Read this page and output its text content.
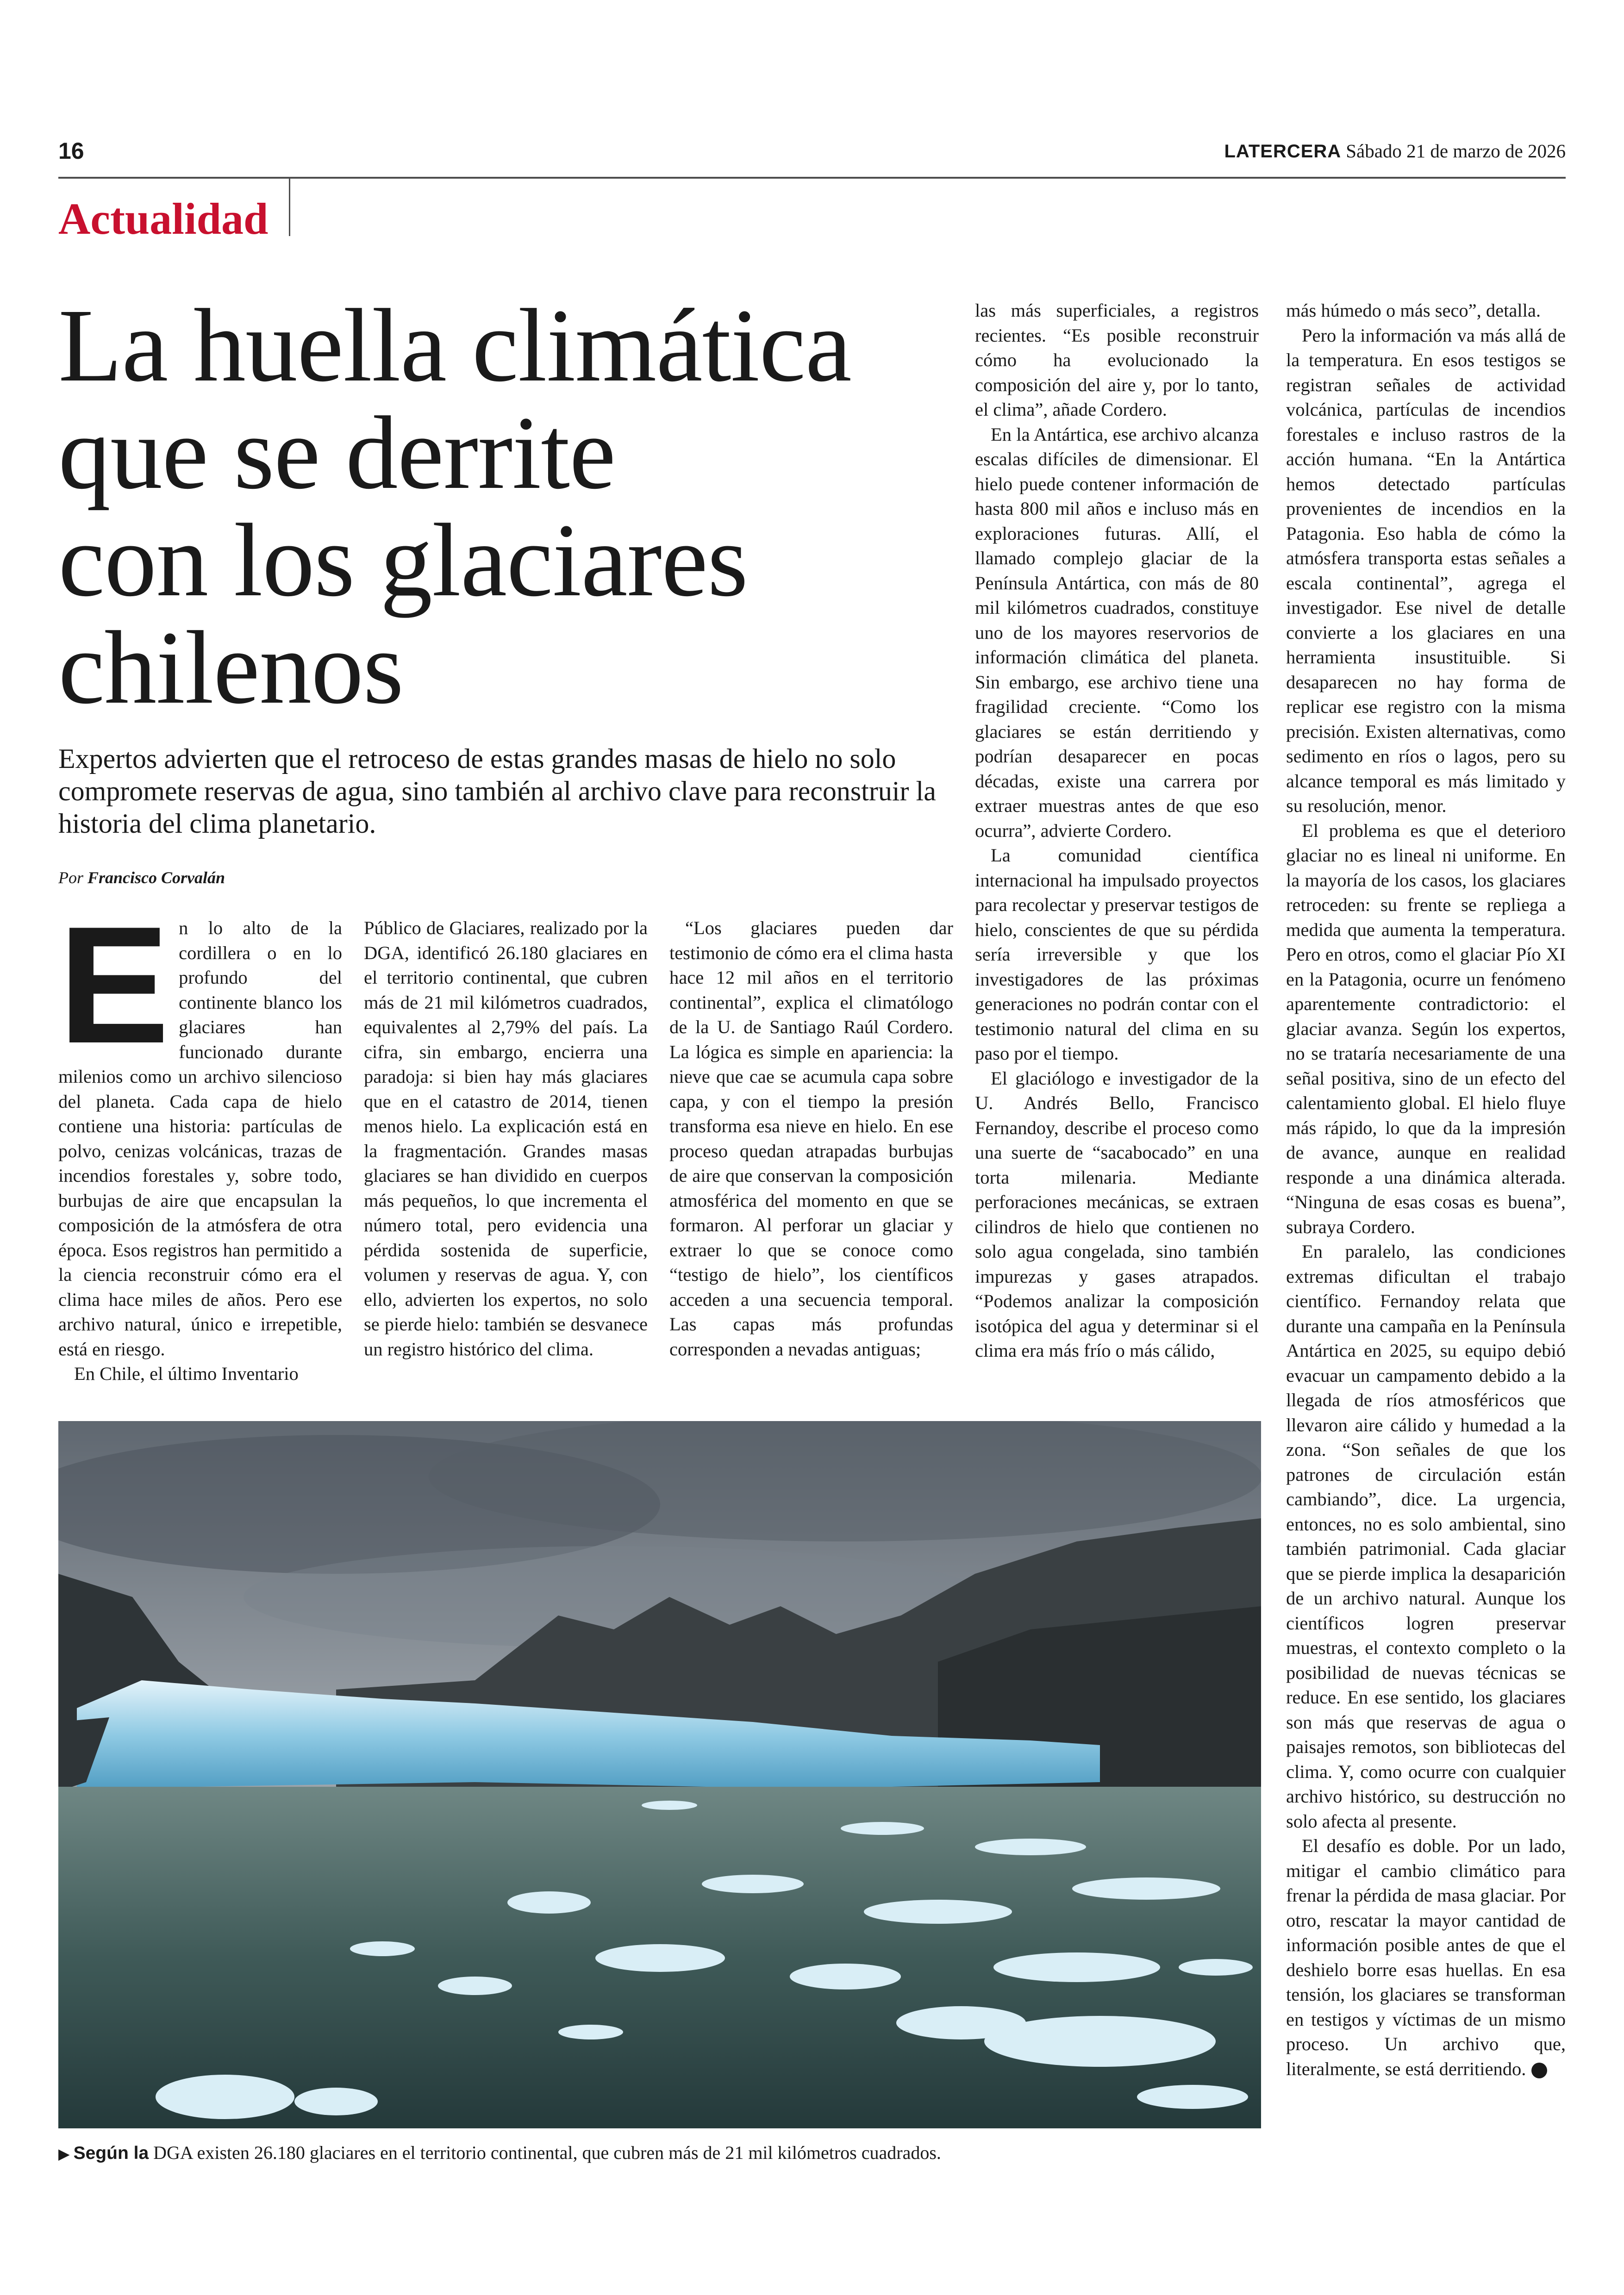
16	LATERCERA Sábado 21 de marzo de 2026
Actualidad
La huella climática
que se derrite
con los glaciares
chilenos

Expertos advierten que el retroceso de estas grandes masas de hielo no solo compromete reservas de agua, sino también al archivo clave para reconstruir la historia del clima planetario.

Por Francisco Corvalán

En lo alto de la cordillera o en lo profundo del continente blanco los glaciares han funcionado durante milenios como un archivo silencioso del planeta. Cada capa de hielo contiene una historia: partículas de polvo, cenizas volcánicas, trazas de incendios forestales y, sobre todo, burbujas de aire que encapsulan la composición de la atmósfera de otra época. Esos registros han permitido a la ciencia reconstruir cómo era el clima hace miles de años. Pero ese archivo natural, único e irrepetible, está en riesgo.

En Chile, el último Inventario

Público de Glaciares, realizado por la DGA, identificó 26.180 glaciares en el territorio continental, que cubren más de 21 mil kilómetros cuadrados, equivalentes al 2,79% del país. La cifra, sin embargo, encierra una paradoja: si bien hay más glaciares que en el catastro de 2014, tienen menos hielo. La explicación está en la fragmentación. Grandes masas glaciares se han dividido en cuerpos más pequeños, lo que incrementa el número total, pero evidencia una pérdida sostenida de superficie, volumen y reservas de agua. Y, con ello, advierten los expertos, no solo se pierde hielo: también se desvanece un registro histórico del clima.

“Los glaciares pueden dar testimonio de cómo era el clima hasta hace 12 mil años en el territorio continental”, explica el climatólogo de la U. de Santiago Raúl Cordero. La lógica es simple en apariencia: la nieve que cae se acumula capa sobre capa, y con el tiempo la presión transforma esa nieve en hielo. En ese proceso quedan atrapadas burbujas de aire que conservan la composición atmosférica del momento en que se formaron. Al perforar un glaciar y extraer lo que se conoce como “testigo de hielo”, los científicos acceden a una secuencia temporal. Las capas más profundas corresponden a nevadas antiguas;

las más superficiales, a registros recientes. “Es posible reconstruir cómo ha evolucionado la composición del aire y, por lo tanto, el clima”, añade Cordero.

En la Antártica, ese archivo alcanza escalas difíciles de dimensionar. El hielo puede contener información de hasta 800 mil años e incluso más en exploraciones futuras. Allí, el llamado complejo glaciar de la Península Antártica, con más de 80 mil kilómetros cuadrados, constituye uno de los mayores reservorios de información climática del planeta. Sin embargo, ese archivo tiene una fragilidad creciente. “Como los glaciares se están derritiendo y podrían desaparecer en pocas décadas, existe una carrera por extraer muestras antes de que eso ocurra”, advierte Cordero.

La comunidad científica internacional ha impulsado proyectos para recolectar y preservar testigos de hielo, conscientes de que su pérdida sería irreversible y que los investigadores de las próximas generaciones no podrán contar con el testimonio natural del clima en su paso por el tiempo.

El glaciólogo e investigador de la U. Andrés Bello, Francisco Fernandoy, describe el proceso como una suerte de “sacabocado” en una torta milenaria. Mediante perforaciones mecánicas, se extraen cilindros de hielo que contienen no solo agua congelada, sino también impurezas y gases atrapados. “Podemos analizar la composición isotópica del agua y determinar si el clima era más frío o más cálido,

más húmedo o más seco”, detalla.

Pero la información va más allá de la temperatura. En esos testigos se registran señales de actividad volcánica, partículas de incendios forestales e incluso rastros de la acción humana. “En la Antártica hemos detectado partículas provenientes de incendios en la Patagonia. Eso habla de cómo la atmósfera transporta estas señales a escala continental”, agrega el investigador. Ese nivel de detalle convierte a los glaciares en una herramienta insustituible. Si desaparecen no hay forma de replicar ese registro con la misma precisión. Existen alternativas, como sedimento en ríos o lagos, pero su alcance temporal es más limitado y su resolución, menor.

El problema es que el deterioro glaciar no es lineal ni uniforme. En la mayoría de los casos, los glaciares retroceden: su frente se repliega a medida que aumenta la temperatura. Pero en otros, como el glaciar Pío XI en la Patagonia, ocurre un fenómeno aparentemente contradictorio: el glaciar avanza. Según los expertos, no se trataría necesariamente de una señal positiva, sino de un efecto del calentamiento global. El hielo fluye más rápido, lo que da la impresión de avance, aunque en realidad responde a una dinámica alterada. “Ninguna de esas cosas es buena”, subraya Cordero.

En paralelo, las condiciones extremas dificultan el trabajo científico. Fernandoy relata que durante una campaña en la Península Antártica en 2025, su equipo debió evacuar un campamento debido a la llegada de ríos atmosféricos que llevaron aire cálido y humedad a la zona. “Son señales de que los patrones de circulación están cambiando”, dice. La urgencia, entonces, no es solo ambiental, sino también patrimonial. Cada glaciar que se pierde implica la desaparición de un archivo natural. Aunque los científicos logren preservar muestras, el contexto completo o la posibilidad de nuevas técnicas se reduce. En ese sentido, los glaciares son más que reservas de agua o paisajes remotos, son bibliotecas del clima. Y, como ocurre con cualquier archivo histórico, su destrucción no solo afecta al presente.

El desafío es doble. Por un lado, mitigar el cambio climático para frenar la pérdida de masa glaciar. Por otro, rescatar la mayor cantidad de información posible antes de que el deshielo borre esas huellas. En esa tensión, los glaciares se transforman en testigos y víctimas de un mismo proceso. Un archivo que, literalmente, se está derritiendo.

▶ Según la DGA existen 26.180 glaciares en el territorio continental, que cubren más de 21 mil kilómetros cuadrados.
